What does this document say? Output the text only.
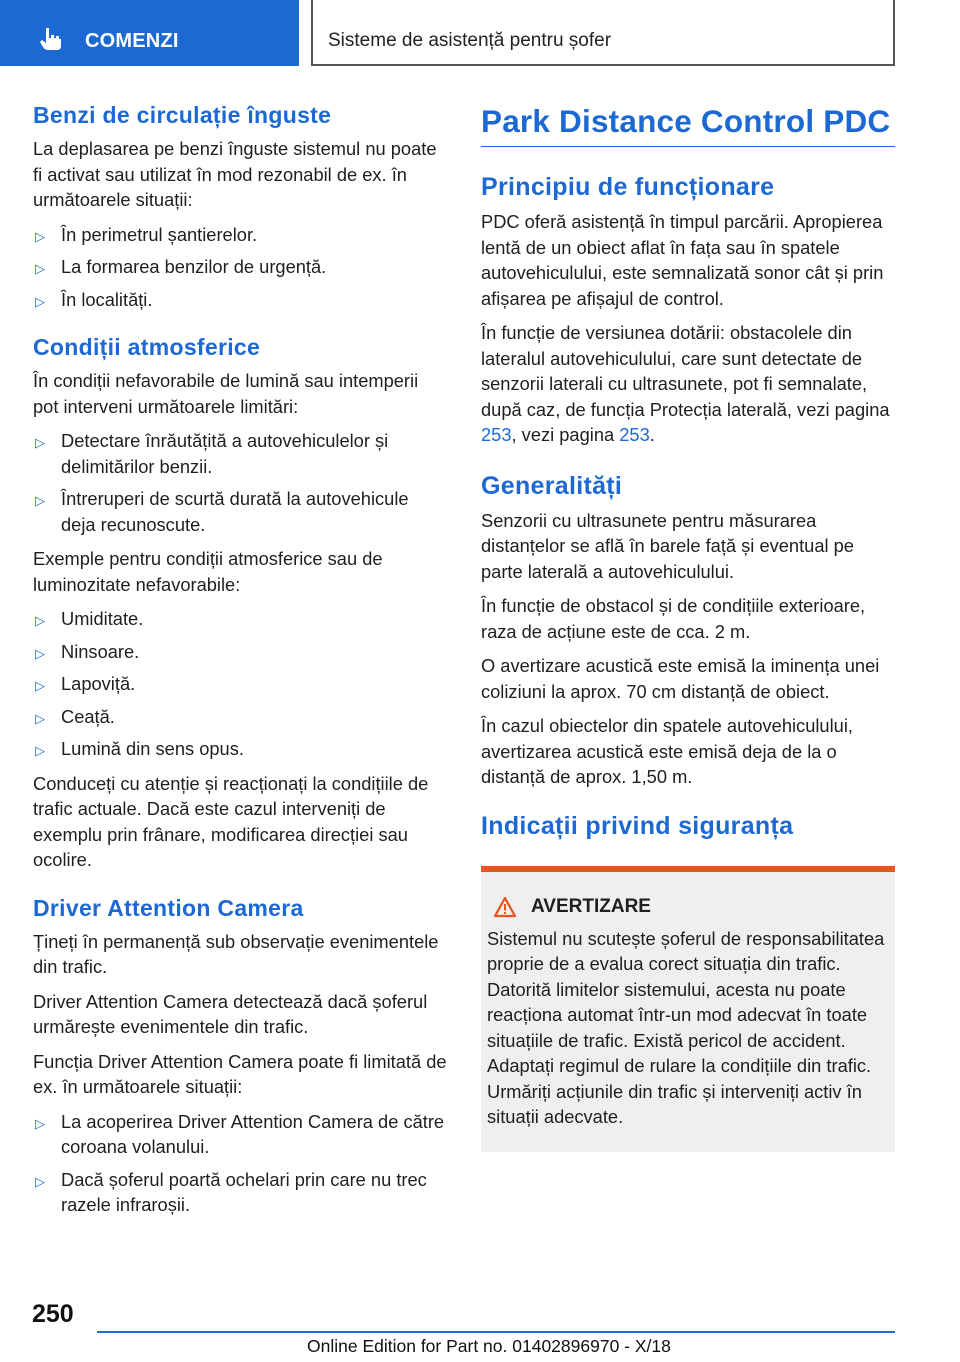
COMENZI	Sisteme de asistență pentru șofer
Benzi de circulație înguste

La deplasarea pe benzi înguste sistemul nu poate fi activat sau utilizat în mod rezonabil de ex. în următoarele situații:

▷ În perimetrul șantierelor.
▷ La formarea benzilor de urgență.
▷ În localități.
Condiții atmosferice

În condiții nefavorabile de lumină sau intemperii pot interveni următoarele limitări:

▷ Detectare înrăutățită a autovehiculelor și delimitărilor benzii.
▷ Întreruperi de scurtă durată la autovehicule deja recunoscute.

Exemple pentru condiții atmosferice sau de luminozitate nefavorabile:

▷ Umiditate.
▷ Ninsoare.
▷ Lapoviță.
▷ Ceață.
▷ Lumină din sens opus.

Conduceți cu atenție și reacționați la condițiile de trafic actuale. Dacă este cazul interveniți de exemplu prin frânare, modificarea direcției sau ocolire.

Driver Attention Camera

Țineți în permanență sub observație evenimentele din trafic.

Driver Attention Camera detectează dacă șoferul urmărește evenimentele din trafic.

Funcția Driver Attention Camera poate fi limitată de ex. în următoarele situații:

▷ La acoperirea Driver Attention Camera de către coroana volanului.
▷ Dacă șoferul poartă ochelari prin care nu trec razele infraroșii.
Park Distance Control PDC
Principiu de funcționare

PDC oferă asistență în timpul parcării. Apropierea lentă de un obiect aflat în fața sau în spatele autovehiculului, este semnalizată sonor cât și prin afișarea pe afișajul de control.

În funcție de versiunea dotării: obstacolele din lateralul autovehiculului, care sunt detectate de senzorii laterali cu ultrasunete, pot fi semnalate, după caz, de funcția Protecția laterală, vezi pagina 253, vezi pagina 253.

Generalități

Senzorii cu ultrasunete pentru măsurarea distanțelor se află în barele față și eventual pe parte laterală a autovehiculului.

În funcție de obstacol și de condițiile exterioare, raza de acțiune este de cca. 2 m.

O avertizare acustică este emisă la iminența unei coliziuni la aprox. 70 cm distanță de obiect.

În cazul obiectelor din spatele autovehiculului, avertizarea acustică este emisă deja de la o distanță de aprox. 1,50 m.

Indicații privind siguranța
AVERTIZARE

Sistemul nu scutește șoferul de responsabilitatea proprie de a evalua corect situația din trafic. Datorită limitelor sistemului, acesta nu poate reacționa automat într-un mod adecvat în toate situațiile de trafic. Există pericol de accident. Adaptați regimul de rulare la condițiile din trafic. Urmăriți acțiunile din trafic și interveniți activ în situații adecvate.

250
Online Edition for Part no. 01402896970 - X/18
